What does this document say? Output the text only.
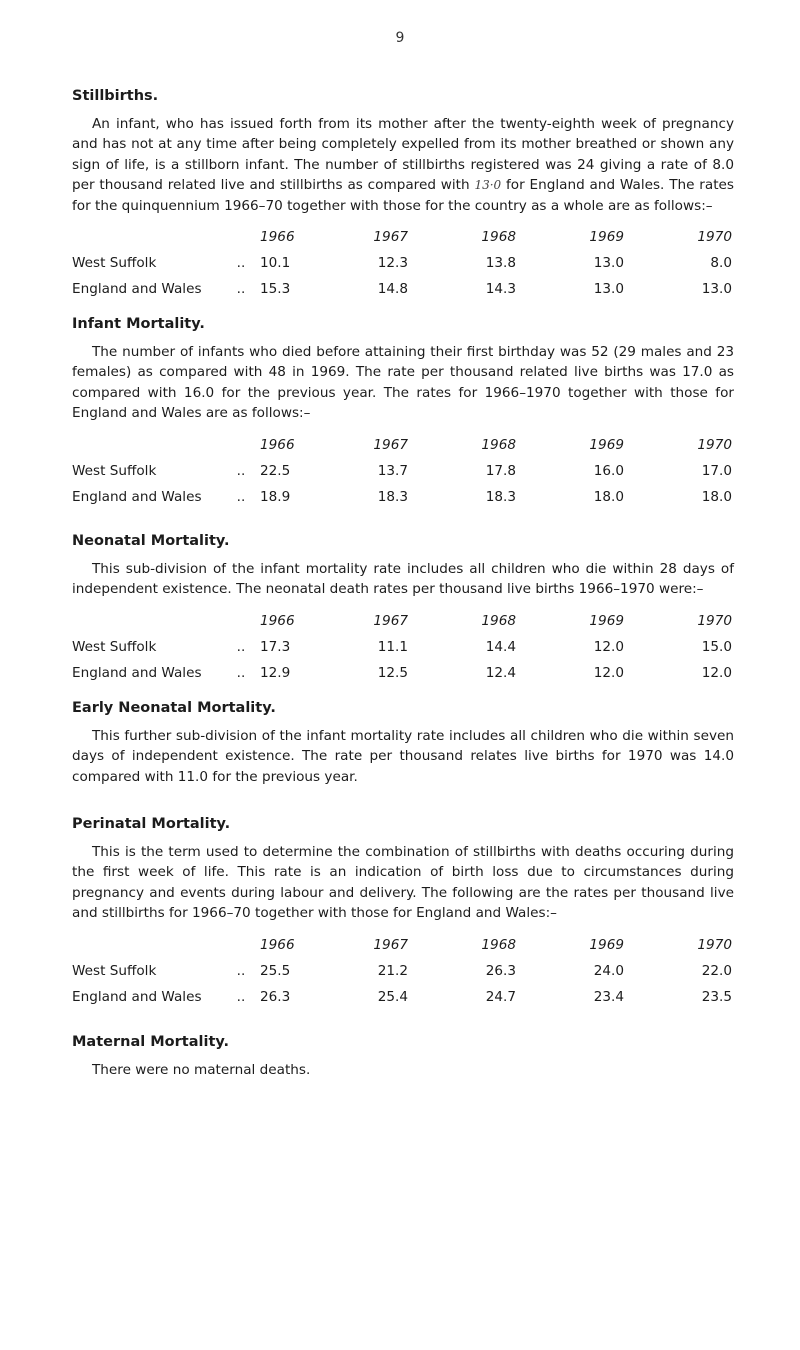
9
Stillbirths.

An infant, who has issued forth from its mother after the twenty-eighth week of pregnancy and has not at any time after being completely expelled from its mother breathed or shown any sign of life, is a stillborn infant. The number of stillbirths registered was 24 giving a rate of 8.0 per thousand related live and stillbirths as compared with 13·0 for England and Wales. The rates for the quinquennium 1966–70 together with those for the country as a whole are as follows:–

		1966	1967	1968	1969	1970
West Suffolk	..	10.1	12.3	13.8	13.0	8.0
England and Wales	..	15.3	14.8	14.3	13.0	13.0
Infant Mortality.

The number of infants who died before attaining their first birthday was 52 (29 males and 23 females) as compared with 48 in 1969. The rate per thousand related live births was 17.0 as compared with 16.0 for the previous year. The rates for 1966–1970 together with those for England and Wales are as follows:–

		1966	1967	1968	1969	1970
West Suffolk	..	22.5	13.7	17.8	16.0	17.0
England and Wales	..	18.9	18.3	18.3	18.0	18.0
Neonatal Mortality.

This sub-division of the infant mortality rate includes all children who die within 28 days of independent existence. The neonatal death rates per thousand live births 1966–1970 were:–

		1966	1967	1968	1969	1970
West Suffolk	..	17.3	11.1	14.4	12.0	15.0
England and Wales	..	12.9	12.5	12.4	12.0	12.0
Early Neonatal Mortality.

This further sub-division of the infant mortality rate includes all children who die within seven days of independent existence. The rate per thousand relates live births for 1970 was 14.0 compared with 11.0 for the previous year.

Perinatal Mortality.

This is the term used to determine the combination of stillbirths with deaths occuring during the first week of life. This rate is an indication of birth loss due to circumstances during pregnancy and events during labour and delivery. The following are the rates per thousand live and stillbirths for 1966–70 together with those for England and Wales:–

		1966	1967	1968	1969	1970
West Suffolk	..	25.5	21.2	26.3	24.0	22.0
England and Wales	..	26.3	25.4	24.7	23.4	23.5
Maternal Mortality.

There were no maternal deaths.
